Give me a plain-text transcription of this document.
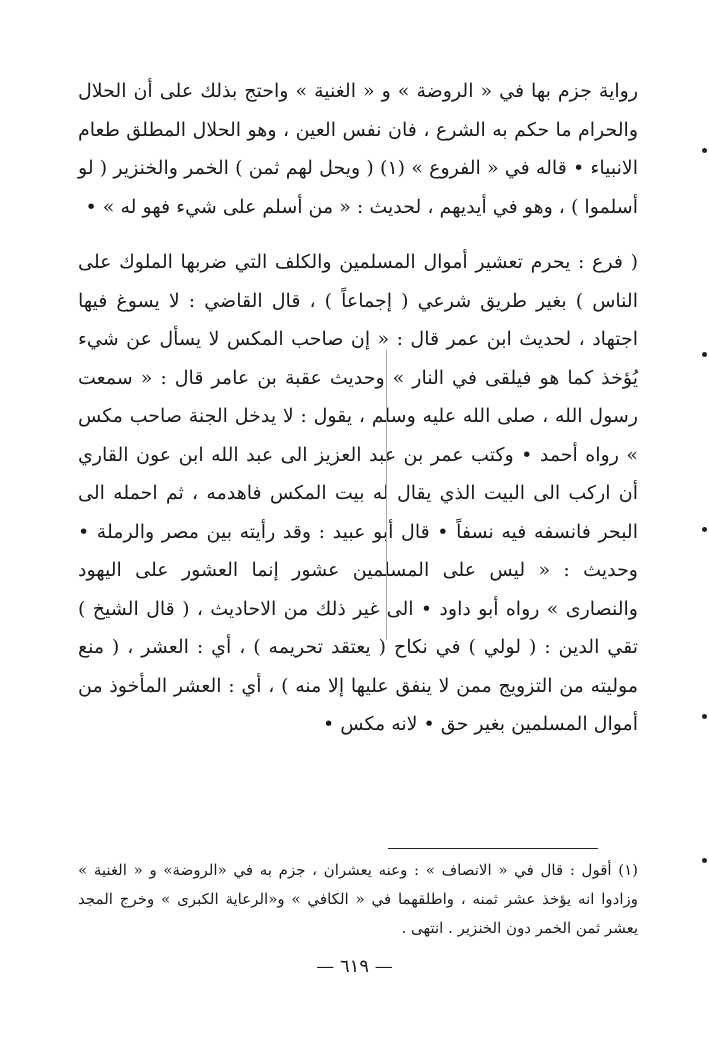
رواية جزم بها في « الروضة » و « الغنية » واحتج بذلك على أن الحلال والحرام ما حكم به الشرع ، فان نفس العين ، وهو الحلال المطلق طعام الانبياء • قاله في « الفروع » (١) ( ويحل لهم ثمن ) الخمر والخنزير ( لو أسلموا ) ، وهو في أيديهم ، لحديث : « من أسلم على شيء فهو له » •

( فرع : يحرم تعشير أموال المسلمين والكلف التي ضربها الملوك على الناس ) بغير طريق شرعي ( إجماعاً ) ، قال القاضي : لا يسوغ فيها اجتهاد ، لحديث ابن عمر قال : « إن صاحب المكس لا يسأل عن شيء يُؤخذ كما هو فيلقى في النار » وحديث عقبة بن عامر قال : « سمعت رسول الله ، صلى الله عليه وسلم ، يقول : لا يدخل الجنة صاحب مكس » رواه أحمد • وكتب عمر بن عبد العزيز الى عبد الله ابن عون القاري أن اركب الى البيت الذي يقال له بيت المكس فاهدمه ، ثم احمله الى البحر فانسفه فيه نسفاً • قال أبو عبيد : وقد رأيته بين مصر والرملة • وحديث : « ليس على المسلمين عشور إنما العشور على اليهود والنصارى » رواه أبو داود • الى غير ذلك من الاحاديث ، ( قال الشيخ ) تقي الدين : ( لولي ) في نكاح ( يعتقد تحريمه ) ، أي : العشر ، ( منع موليته من التزويج ممن لا ينفق عليها إلا منه ) ، أي : العشر المأخوذ من أموال المسلمين بغير حق • لانه مكس •

(١) أقول : قال في « الانصاف » : وعنه يعشران ، جزم به في «الروضة» و « الغنية » وزادوا انه يؤخذ عشر ثمنه ، واطلقهما في « الكافي » و«الرعاية الكبرى » وخرج المجد يعشر ثمن الخمر دون الخنزير . انتهى .
— ٦١٩ —
